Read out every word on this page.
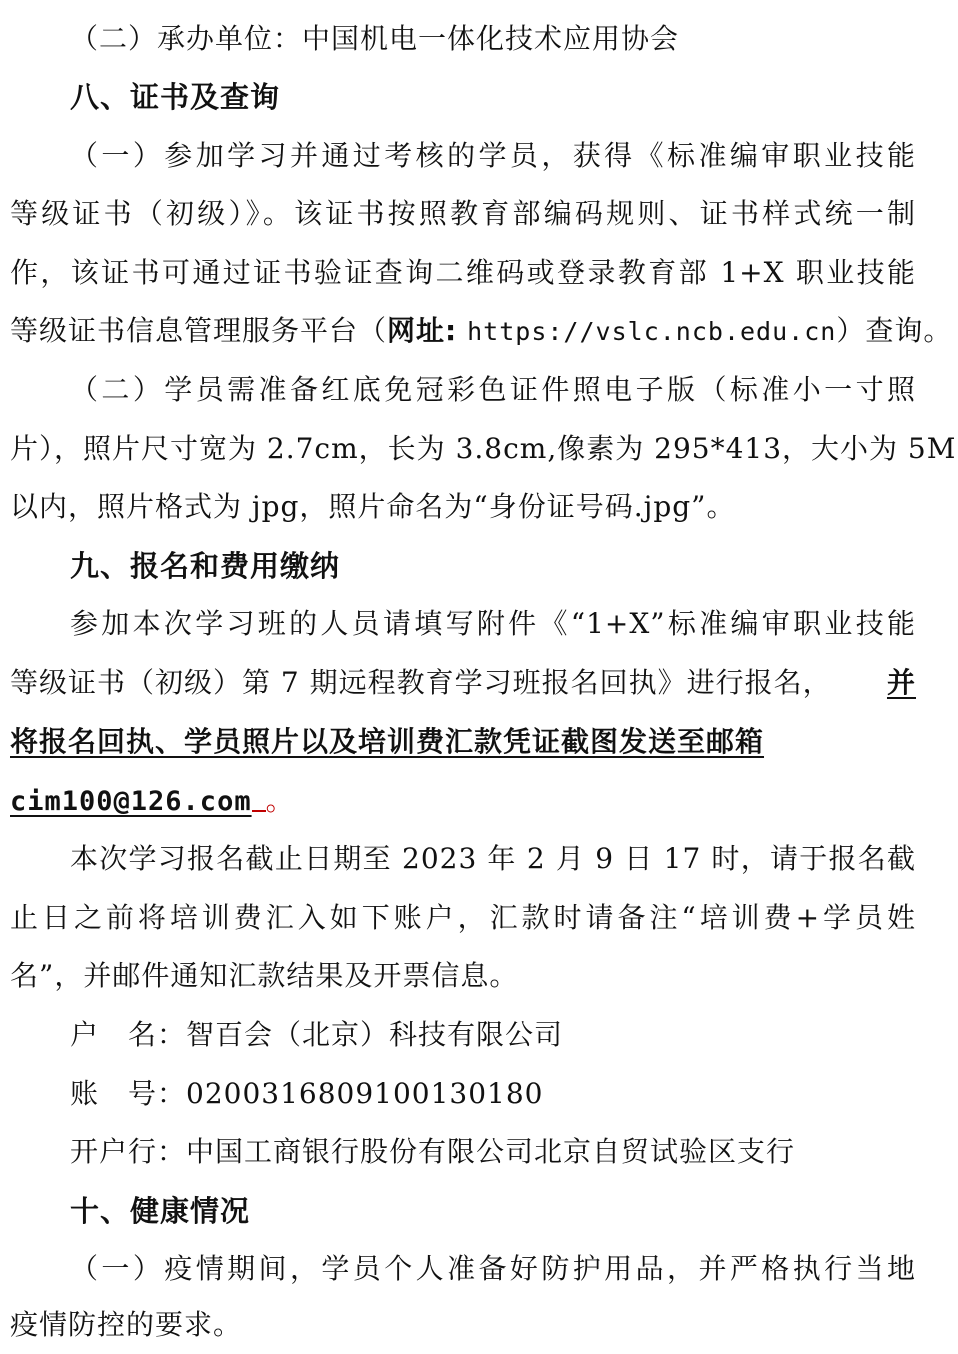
（二）承办单位：中国机电一体化技术应用协会
八、证书及查询
（一）参加学习并通过考核的学员，获得《标准编审职业技能
等级证书（初级）》。该证书按照教育部编码规则、证书样式统一制
作，该证书可通过证书验证查询二维码或登录教育部 1+X 职业技能
等级证书信息管理服务平台（网址: https://vslc.ncb.edu.cn）查询。
（二）学员需准备红底免冠彩色证件照电子版（标准小一寸照
片），照片尺寸宽为 2.7cm，长为 3.8cm,像素为 295*413，大小为 5M
以内，照片格式为 jpg，照片命名为“身份证号码.jpg”。
九、报名和费用缴纳
参加本次学习班的人员请填写附件《“1+X”标准编审职业技能
等级证书（初级）第 7 期远程教育学习班报名回执》进行报名， 并
将报名回执、学员照片以及培训费汇款凭证截图发送至邮箱
cim100@126.com 。
本次学习报名截止日期至 2023 年 2 月 9 日 17 时，请于报名截
止日之前将培训费汇入如下账户，汇款时请备注“培训费+学员姓
名”，并邮件通知汇款结果及开票信息。
户　名：智百会（北京）科技有限公司
账　号：0200316809100130180
开户行：中国工商银行股份有限公司北京自贸试验区支行
十、健康情况
（一）疫情期间，学员个人准备好防护用品，并严格执行当地
疫情防控的要求。
